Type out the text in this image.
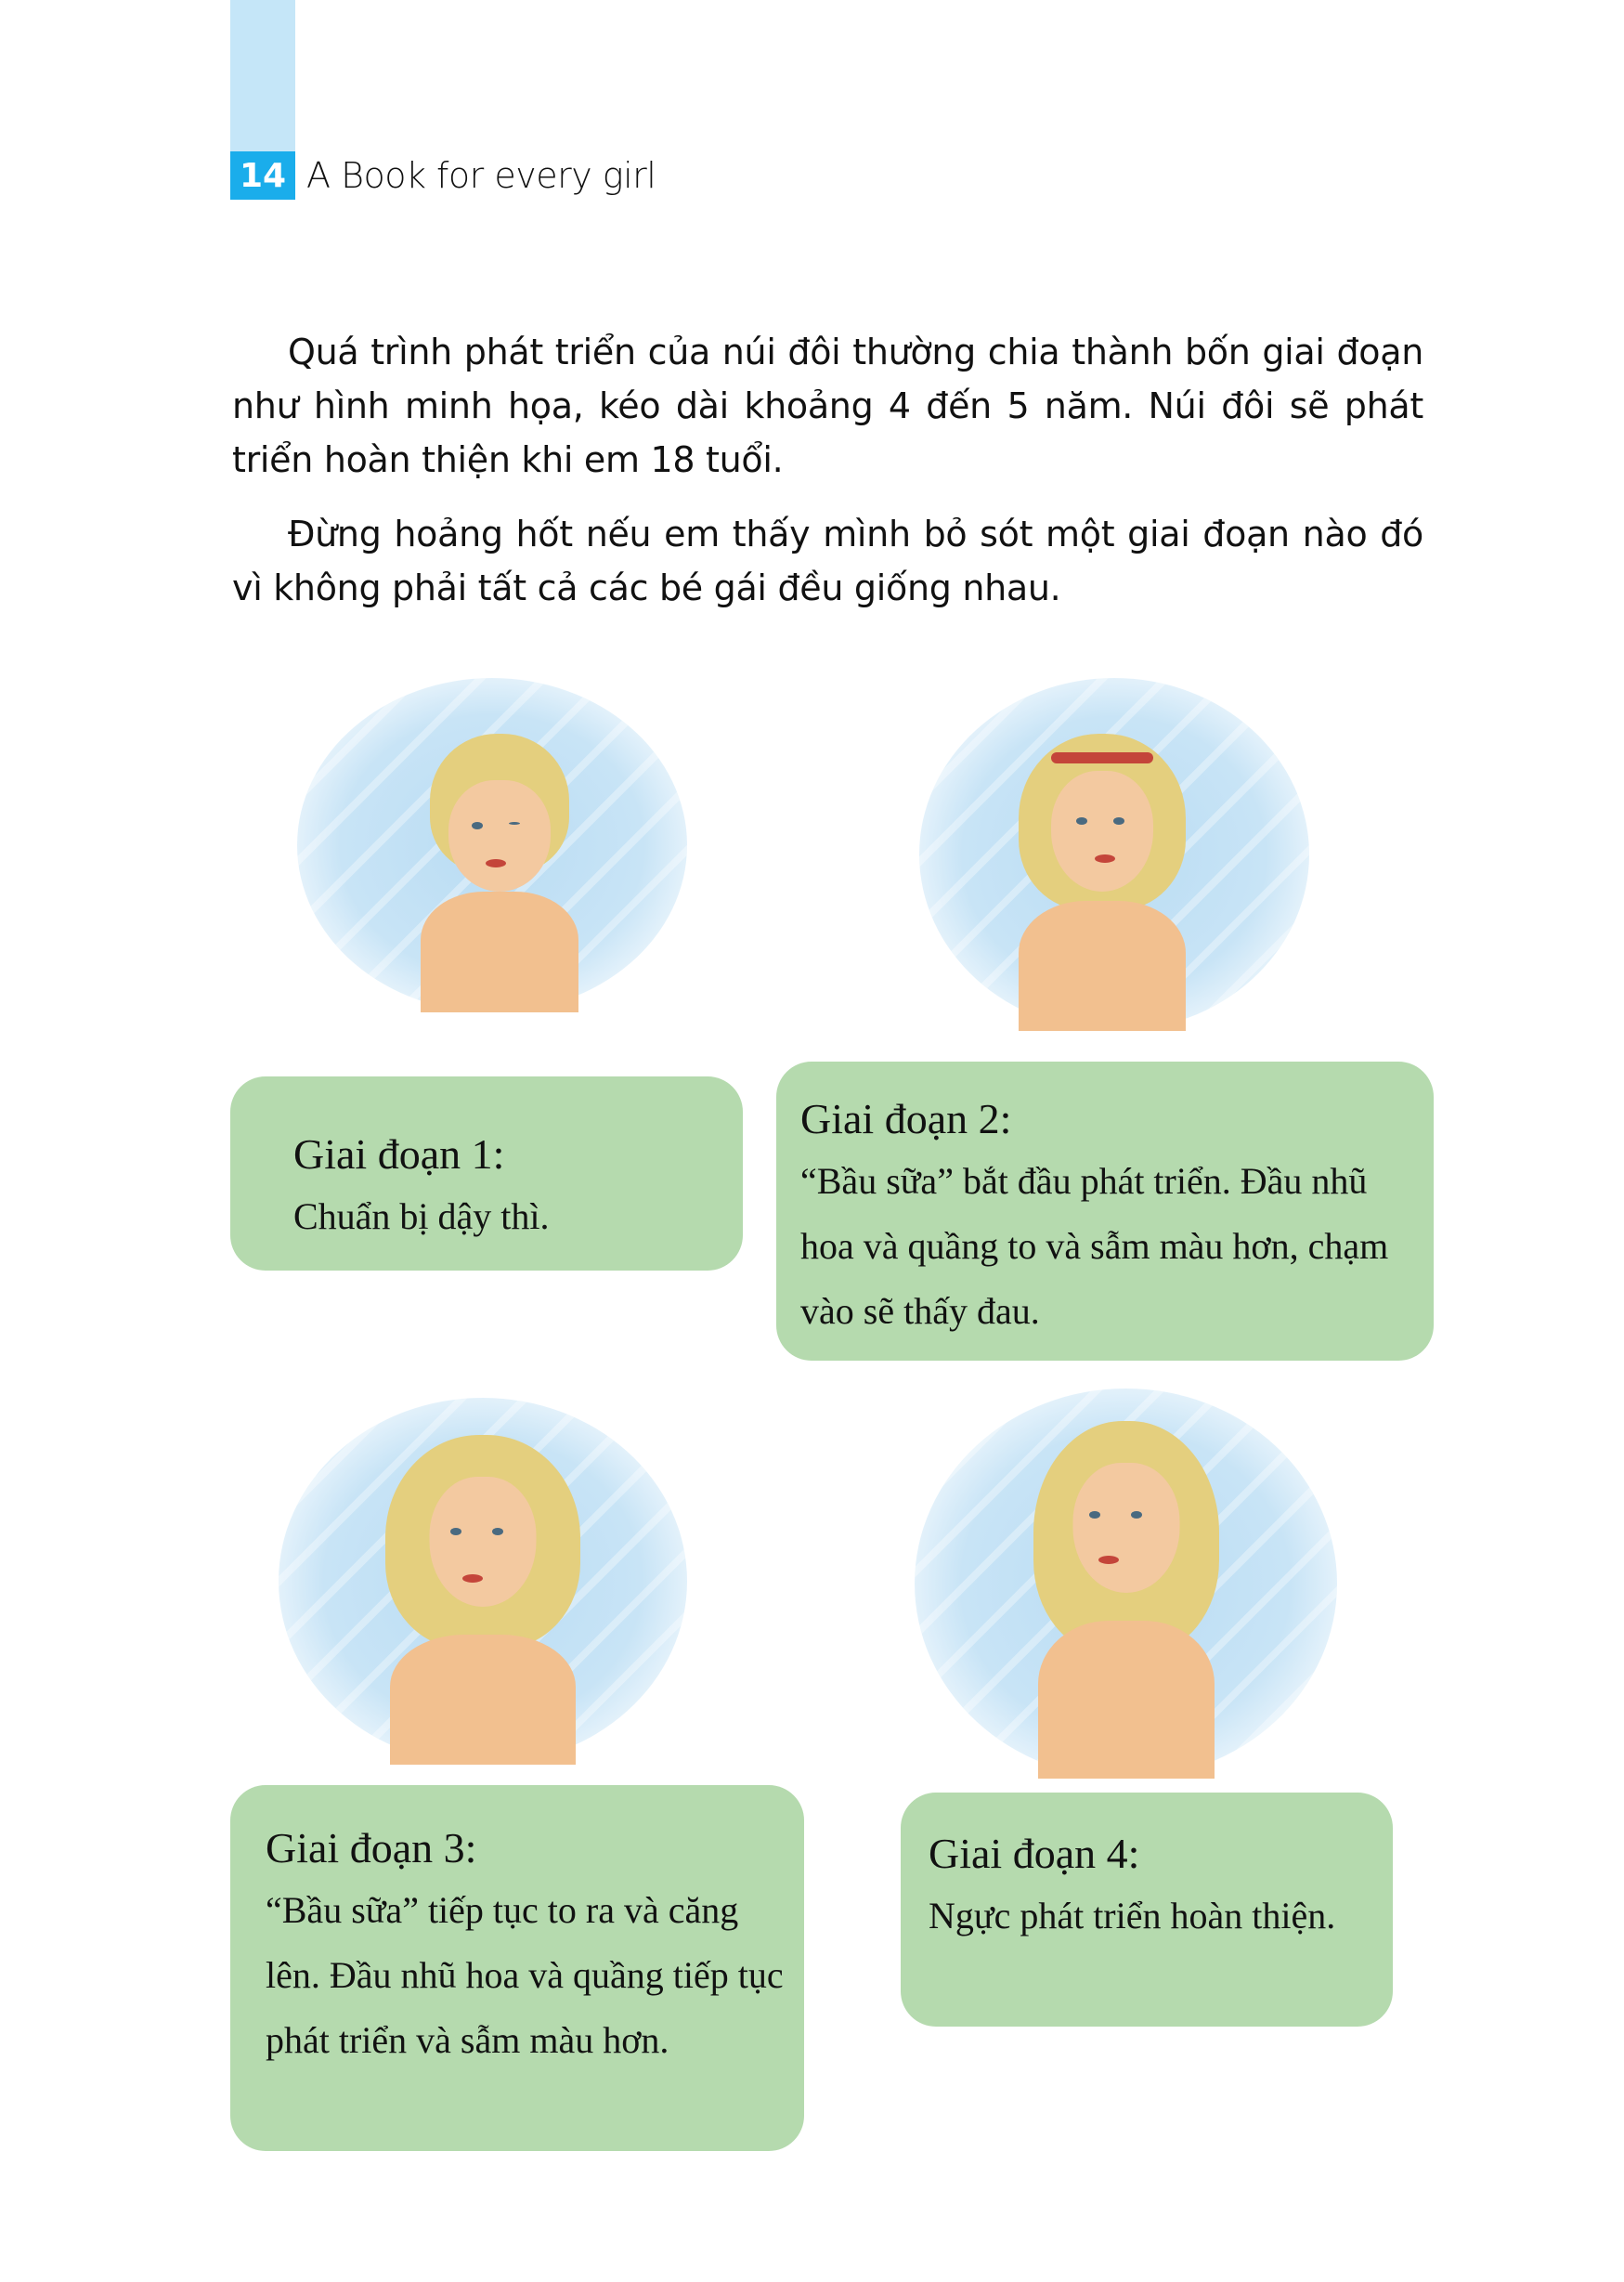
14 A Book for every girl

Quá trình phát triển của núi đôi thường chia thành bốn giai đoạn như hình minh họa, kéo dài khoảng 4 đến 5 năm. Núi đôi sẽ phát triển hoàn thiện khi em 18 tuổi.

Đừng hoảng hốt nếu em thấy mình bỏ sót một giai đoạn nào đó vì không phải tất cả các bé gái đều giống nhau.

Giai đoạn 1:
Chuẩn bị dậy thì.
Giai đoạn 2:
“Bầu sữa” bắt đầu phát triển. Đầu nhũ hoa và quầng to và sẫm màu hơn, chạm vào sẽ thấy đau.
Giai đoạn 3:
“Bầu sữa” tiếp tục to ra và căng lên. Đầu nhũ hoa và quầng tiếp tục phát triển và sẫm màu hơn.
Giai đoạn 4:
Ngực phát triển hoàn thiện.
